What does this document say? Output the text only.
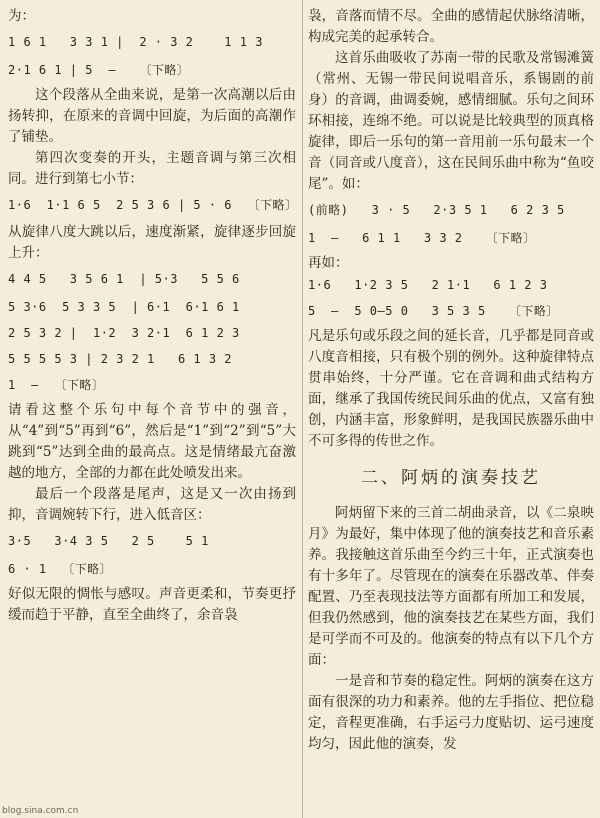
为：

1 6 1   3 3 1 |  2 · 3 2    1 1 3
2·1 6 1 | 5  —   〔下略〕

这个段落从全曲来说，是第一次高潮以后由扬转抑，在原来的音调中回旋，为后面的高潮作了铺垫。

第四次变奏的开头，主题音调与第三次相同。进行到第七小节：

1·6  1·1 6 5  2 5 3 6 | 5 · 6  〔下略〕

从旋律八度大跳以后，速度渐紧，旋律逐步回旋上升：

4 4 5   3 5 6 1  | 5·3   5 5 6
5 3·6  5 3 3 5  | 6·1  6·1 6 1
2 5 3 2 |  1·2  3 2·1  6 1 2 3
5 5 5 5 3 | 2 3 2 1   6 1 3 2
1  —  〔下略〕

请看这整个乐句中每个音节中的强音，从“4”到“5”再到“6”，然后是“1”到“2”到“5”大跳到“5”达到全曲的最高点。这是情绪最亢奋激越的地方，全部的力都在此处喷发出来。

最后一个段落是尾声，这是又一次由扬到抑，音调婉转下行，进入低音区：

3·5   3·4 3 5   2 5    5 1
6 · 1  〔下略〕

好似无限的惆怅与感叹。声音更柔和，节奏更抒缓而趋于平静，直至全曲终了，余音袅

袅，音落而情不尽。全曲的感情起伏脉络清晰，构成完美的起承转合。

这首乐曲吸收了苏南一带的民歌及常锡滩簧（常州、无锡一带民间说唱音乐，系锡剧的前身）的音调，曲调委婉，感情细腻。乐句之间环环相接，连绵不绝。可以说是比较典型的顶真格旋律，即后一乐句的第一音用前一乐句最末一个音（同音或八度音），这在民间乐曲中称为“鱼咬尾”。如：

(前略)   3 · 5   2·3 5 1   6 2 3 5
1  —   6 1 1   3 3 2   〔下略〕

再如：

1·6   1·2 3 5   2 1·1   6 1 2 3
5  —  5 0—5 0   3 5 3 5   〔下略〕

凡是乐句或乐段之间的延长音，几乎都是同音或八度音相接，只有极个别的例外。这种旋律特点贯串始终，十分严谨。它在音调和曲式结构方面，继承了我国传统民间乐曲的优点，又富有独创，内涵丰富，形象鲜明，是我国民族器乐曲中不可多得的传世之作。

二、阿炳的演奏技艺

阿炳留下来的三首二胡曲录音，以《二泉映月》为最好，集中体现了他的演奏技艺和音乐素养。我接触这首乐曲至今约三十年，正式演奏也有十多年了。尽管现在的演奏在乐器改革、伴奏配置、乃至表现技法等方面都有所加工和发展，但我仍然感到，他的演奏技艺在某些方面，我们是可学而不可及的。他演奏的特点有以下几个方面：

一是音和节奏的稳定性。阿炳的演奏在这方面有很深的功力和素养。他的左手指位、把位稳定，音程更准确，右手运弓力度贴切、运弓速度均匀，因此他的演奏，发

blog.sina.com.cn
